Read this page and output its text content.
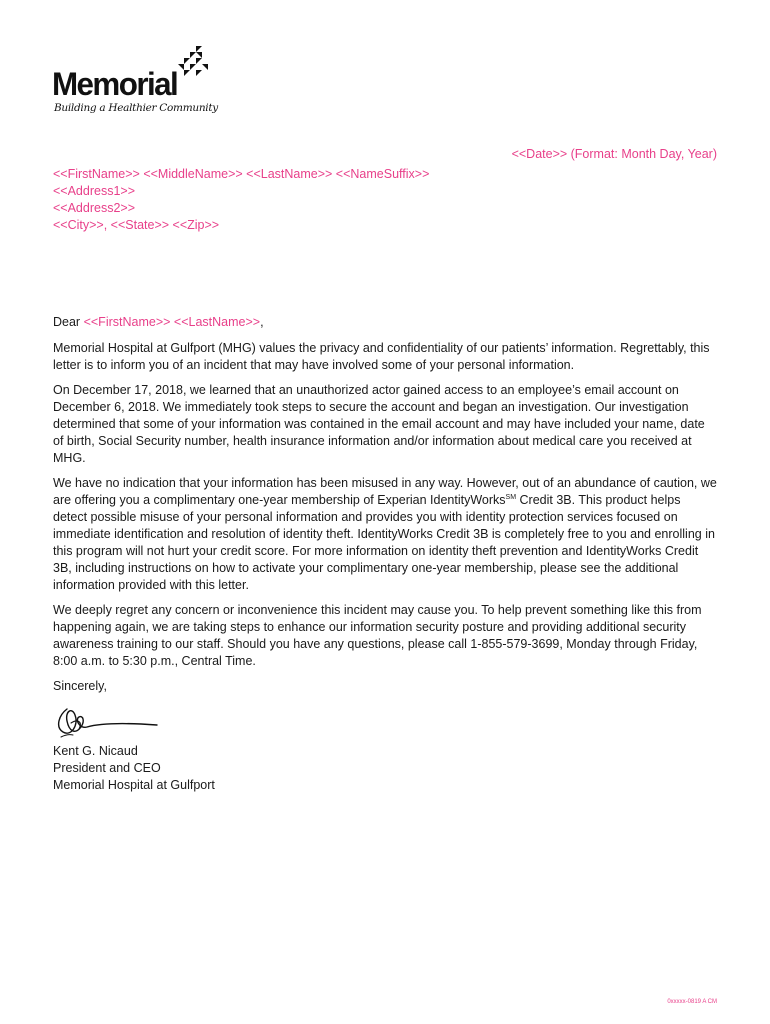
Memorial
Building a Healthier Community
<<Date>> (Format: Month Day, Year)
<<FirstName>> <<MiddleName>> <<LastName>> <<NameSuffix>>
<<Address1>>
<<Address2>>
<<City>>, <<State>> <<Zip>>

Dear <<FirstName>> <<LastName>>,

Memorial Hospital at Gulfport (MHG) values the privacy and confidentiality of our patients’ information. Regrettably, this letter is to inform you of an incident that may have involved some of your personal information.

On December 17, 2018, we learned that an unauthorized actor gained access to an employee’s email account on December 6, 2018. We immediately took steps to secure the account and began an investigation. Our investigation determined that some of your information was contained in the email account and may have included your name, date of birth, Social Security number, health insurance information and/or information about medical care you received at MHG.

We have no indication that your information has been misused in any way. However, out of an abundance of caution, we are offering you a complimentary one-year membership of Experian IdentityWorks℠ Credit 3B. This product helps detect possible misuse of your personal information and provides you with identity protection services focused on immediate identification and resolution of identity theft. IdentityWorks Credit 3B is completely free to you and enrolling in this program will not hurt your credit score. For more information on identity theft prevention and IdentityWorks Credit 3B, including instructions on how to activate your complimentary one-year membership, please see the additional information provided with this letter.

We deeply regret any concern or inconvenience this incident may cause you. To help prevent something like this from happening again, we are taking steps to enhance our information security posture and providing additional security awareness training to our staff. Should you have any questions, please call 1-855-579-3699, Monday through Friday, 8:00 a.m. to 5:30 p.m., Central Time.

Sincerely,

Kent G. Nicaud
President and CEO
Memorial Hospital at Gulfport
0xxxxx-0819 A CM
